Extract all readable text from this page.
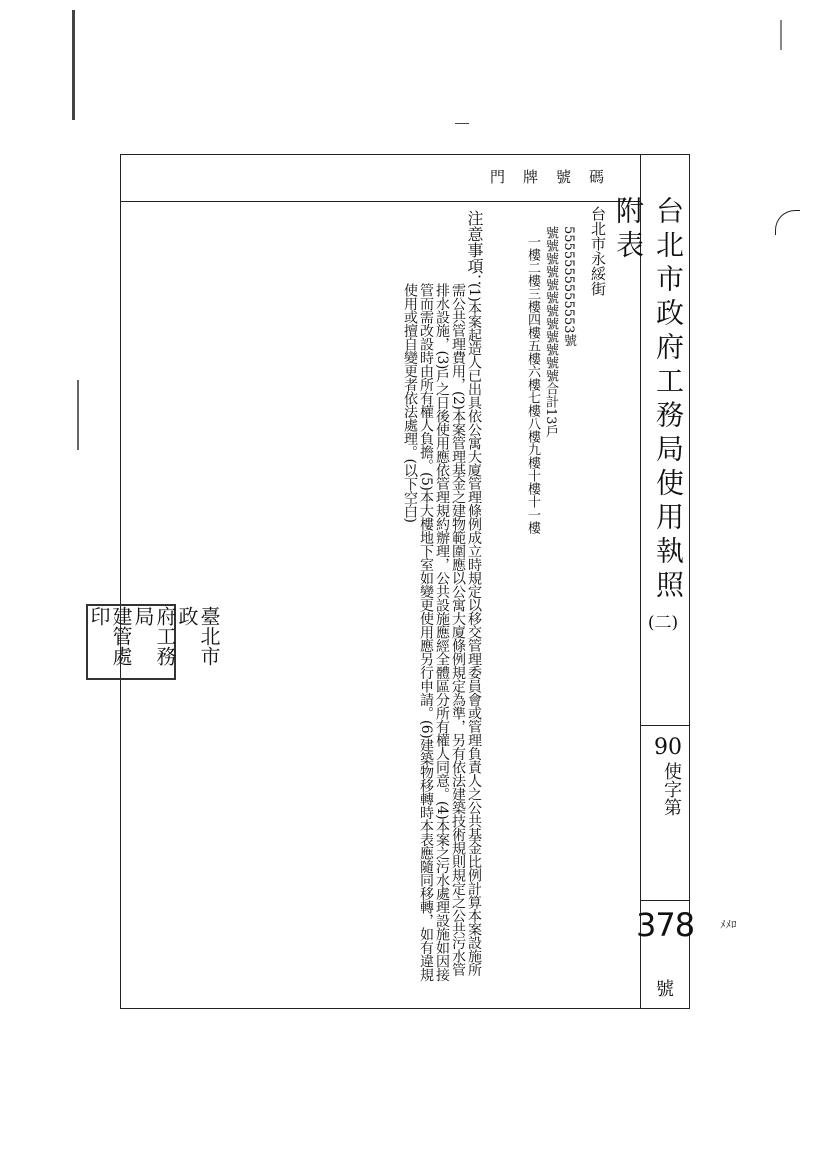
門牌號碼
台北市政府工務局使用執照附表
(二)
90
使字第
378
號
ﾒﾒﾛ
台北市永綏街
5555555555553號
號號號號號號號號號號號號合計13戶
一樓二樓三樓四樓五樓六樓七樓八樓九樓十樓十一樓
注意事項：
(1)本案起造人已出具依公寓大廈管理條例成立時規定以移交管理委員會或管理負責人之公共基金比例計算本案設施所需公共管理費用，(2)本案管理基金之建物範圍應以公寓大廈條例規定為準，另有依法建築技術規則規定之公共污水管排水設施，(3)戶之日後使用應依管理規約辦理，公共設施應經全體區分所有權人同意。(4)本案之污水處理設施如因接管而需改設時由所有權人負擔。(5)本大樓地下室如變更使用應另行申請。(6)建築物移轉時本表應隨同移轉，如有違規使用或擅自變更者依法處理。(以下空白)
臺北市政
府工務局
建管處印
